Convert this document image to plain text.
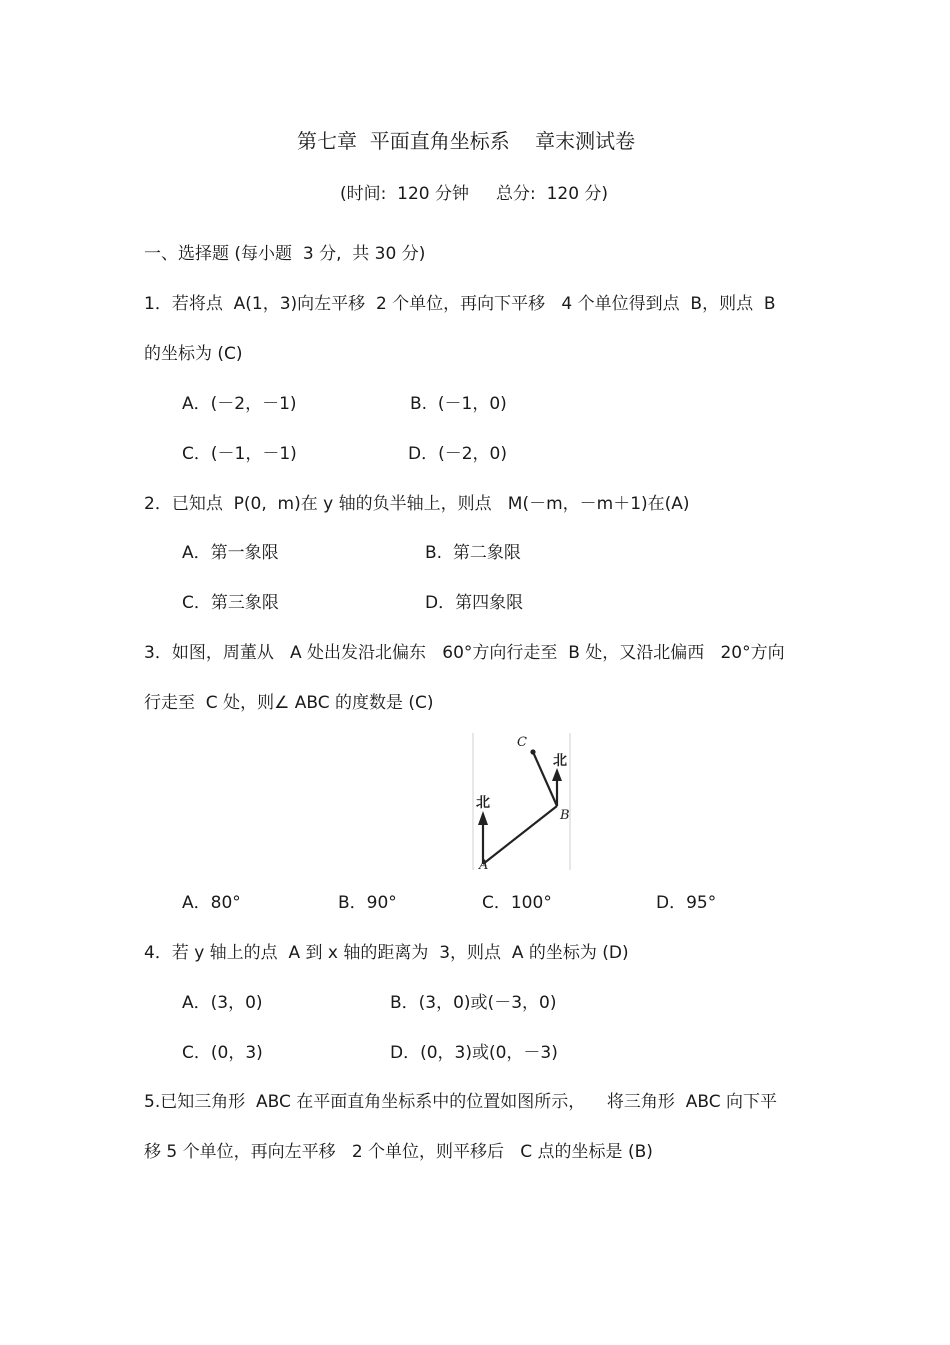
第七章  平面直角坐标系    章末测试卷
(时间:  120 分钟     总分:  120 分)
一、选择题 (每小题  3 分,  共 30 分)
1．若将点  A(1，3)向左平移  2 个单位，再向下平移   4 个单位得到点  B，则点  B
的坐标为 (C)
A．(－2，－1)	B.  (－1，0)
C．(－1，－1)	D．(－2，0)
2．已知点  P(0,  m)在 y 轴的负半轴上，则点   M(－m，－m＋1)在(A)
A．第一象限	B.  第二象限
C．第三象限	D．第四象限
3．如图，周董从   A 处出发沿北偏东   60°方向行走至  B 处，又沿北偏西   20°方向
行走至  C 处，则∠ ABC 的度数是 (C)
北
北
A
B
C
A．80°	B．90°	C．100°	D．95°
4．若 y 轴上的点  A 到 x 轴的距离为  3，则点  A 的坐标为 (D)
A．(3，0)	B．(3，0)或(－3，0)
C．(0，3)	D．(0，3)或(0，－3)
5.已知三角形  ABC 在平面直角坐标系中的位置如图所示，    将三角形  ABC 向下平
移 5 个单位，再向左平移   2 个单位，则平移后   C 点的坐标是 (B)
